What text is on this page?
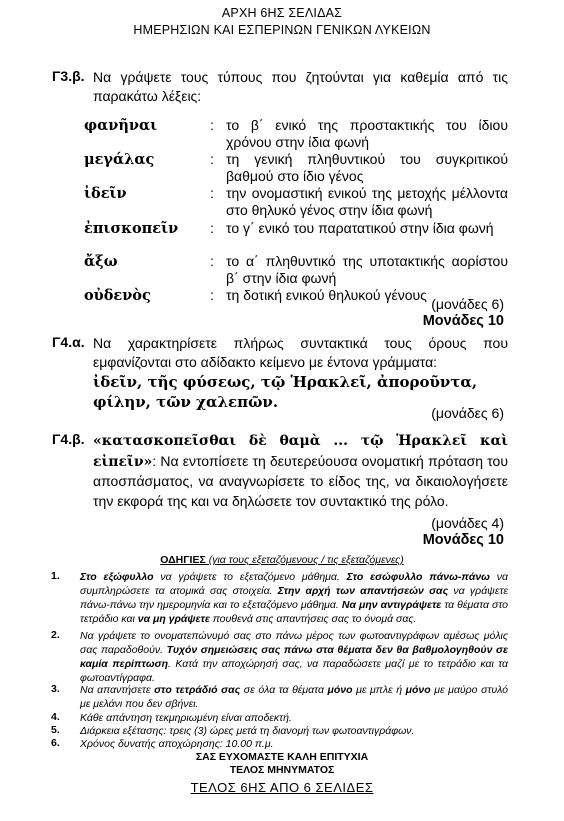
ΑΡΧΗ 6ΗΣ ΣΕΛΙΔΑΣ
ΗΜΕΡΗΣΙΩΝ ΚΑΙ ΕΣΠΕΡΙΝΩΝ ΓΕΝΙΚΩΝ ΛΥΚΕΙΩΝ
Γ3.β. Να γράψετε τους τύπους που ζητούνται για καθεμία από τις παρακάτω λέξεις:
φανῆναι	: το β΄ ενικό της προστακτικής του ίδιου χρόνου στην ίδια φωνή
μεγάλας	: τη γενική πληθυντικού του συγκριτικού βαθμού στο ίδιο γένος
ἰδεῖν	: την ονομαστική ενικού της μετοχής μέλλοντα στο θηλυκό γένος στην ίδια φωνή
ἐπισκοπεῖν : το γ΄ ενικό του παρατατικού στην ίδια φωνή
ἄξω	: το α΄ πληθυντικό της υποτακτικής αορίστου β΄ στην ίδια φωνή
οὐδενὸς	: τη δοτική ενικού θηλυκού γένους
(μονάδες 6)
Μονάδες 10
Γ4.α. Να χαρακτηρίσετε πλήρως συντακτικά τους όρους που εμφανίζονται στο αδίδακτο κείμενο με έντονα γράμματα:
ἰδεῖν, τῆς φύσεως, τῷ Ἡρακλεῖ, ἀποροῦντα, φίλην, τῶν χαλεπῶν.
(μονάδες 6)
Γ4.β. «κατασκοπεῖσθαι δὲ θαμὰ ... τῷ Ἡρακλεῖ καὶ εἰπεῖν»: Να εντοπίσετε τη δευτερεύουσα ονοματική πρόταση του αποσπάσματος, να αναγνωρίσετε το είδος της, να δικαιολογήσετε την εκφορά της και να δηλώσετε τον συντακτικό της ρόλο.
(μονάδες 4)
Μονάδες 10
ΟΔΗΓΙΕΣ (για τους εξεταζόμενους / τις εξεταζόμενες)
1. Στο εξώφυλλο να γράψετε το εξεταζόμενο μάθημα. Στο εσώφυλλο πάνω-πάνω να συμπληρώσετε τα ατομικά σας στοιχεία. Στην αρχή των απαντήσεών σας να γράψετε πάνω-πάνω την ημερομηνία και το εξεταζόμενο μάθημα. Να μην αντιγράψετε τα θέματα στο τετράδιο και να μη γράψετε πουθενά στις απαντήσεις σας το όνομά σας.
2. Να γράψετε το ονοματεπώνυμό σας στο πάνω μέρος των φωτοαντιγράφων αμέσως μόλις σας παραδοθούν. Τυχόν σημειώσεις σας πάνω στα θέματα δεν θα βαθμολογηθούν σε καμία περίπτωση. Κατά την αποχώρησή σας, να παραδώσετε μαζί με το τετράδιο και τα φωτοαντίγραφα.
3. Να απαντήσετε στο τετράδιό σας σε όλα τα θέματα μόνο με μπλε ή μόνο με μαύρο στυλό με μελάνι που δεν σβήνει.
4. Κάθε απάντηση τεκμηριωμένη είναι αποδεκτή.
5. Διάρκεια εξέτασης: τρεις (3) ώρες μετά τη διανομή των φωτοαντιγράφων.
6. Χρόνος δυνατής αποχώρησης: 10.00 π.μ.
ΣΑΣ ΕΥΧΟΜΑΣΤΕ ΚΑΛΗ ΕΠΙΤΥΧΙΑ
ΤΕΛΟΣ ΜΗΝΥΜΑΤΟΣ
ΤΕΛΟΣ 6ΗΣ ΑΠΟ 6 ΣΕΛΙΔΕΣ
